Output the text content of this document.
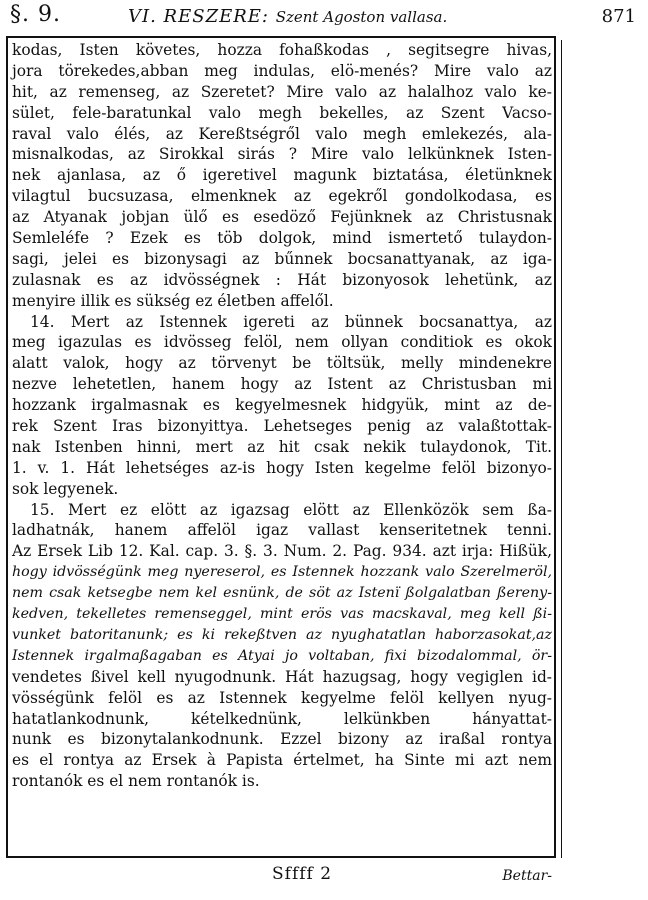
§. 9.	VI. RESZERE: Szent Agoston vallasa.	871
kodas, Isten követes, hozza fohaßkodas , segitsegre hivas,
jora törekedes,abban meg indulas, elö-menés? Mire valo az
hit, az remenseg, az Szeretet? Mire valo az halalhoz valo ke-
sület, fele-baratunkal valo megh bekelles, az Szent Vacso-
raval valo élés, az Kereßtségről valo megh emlekezés, ala-
misnalkodas, az Sirokkal sirás ? Mire valo lelkünknek Isten-
nek ajanlasa, az ő igeretivel magunk biztatása, életünknek
vilagtul bucsuzasa, elmenknek az egekről gondolkodasa, es
az Atyanak jobjan ülő es esedöző Fejünknek az Christusnak
Semleléfe ? Ezek es töb dolgok, mind ismertető tulaydon-
sagi, jelei es bizonysagi az bűnnek bocsanattyanak, az iga-
zulasnak es az idvösségnek : Hát bizonyosok lehetünk, az
menyire illik es sükség ez életben affelől.
14. Mert az Istennek igereti az bünnek bocsanattya, az
meg igazulas es idvösseg felöl, nem ollyan conditiok es okok
alatt valok, hogy az törvenyt be töltsük, melly mindenekre
nezve lehetetlen, hanem hogy az Istent az Christusban mi
hozzank irgalmasnak es kegyelmesnek hidgyük, mint az de-
rek Szent Iras bizonyittya. Lehetseges penig az valaßtottak-
nak Istenben hinni, mert az hit csak nekik tulaydonok, Tit.
1. v. 1. Hát lehetséges az-is hogy Isten kegelme felöl bizonyo-
sok legyenek.
15. Mert ez elött az igazsag elött az Ellenközök sem ßa-
ladhatnák, hanem affelöl igaz vallast kenseritetnek tenni.
Az Ersek Lib 12. Kal. cap. 3. §. 3. Num. 2. Pag. 934. azt irja: Hißük,
hogy idvösségünk meg nyereserol, es Istennek hozzank valo Szerelmeröl,
nem csak ketsegbe nem kel esnünk, de söt az Istenï ßolgalatban ßereny-
kedven, tekelletes remenseggel, mint erös vas macskaval, meg kell ßi-
vunket batoritanunk; es ki rekeßtven az nyughatatlan haborzasokat,az
Istennek irgalmaßagaban es Atyai jo voltaban, fixi bizodalommal, ör-
vendetes ßivel kell nyugodnunk. Hát hazugsag, hogy vegiglen id-
vösségünk felöl es az Istennek kegyelme felöl kellyen nyug-
hatatlankodnunk, kételkednünk, lelkünkben hányattat-
nunk es bizonytalankodnunk. Ezzel bizony az iraßal rontya
es el rontya az Ersek à Papista értelmet, ha Sinte mi azt nem
rontanók es el nem rontanók is.
Sffff 2	Bettar-
